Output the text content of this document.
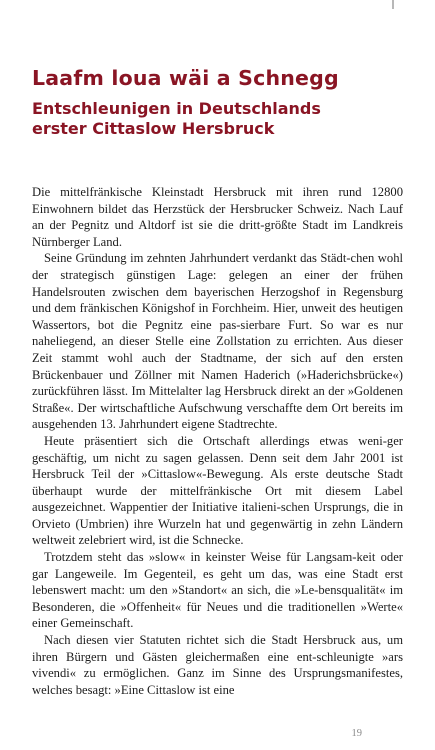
Laafm loua wäi a Schnegg
Entschleunigen in Deutschlands
erster Cittaslow Hersbruck

Die mittelfränkische Kleinstadt Hersbruck mit ihren rund 12800 Einwohnern bildet das Herzstück der Hersbrucker Schweiz. Nach Lauf an der Pegnitz und Altdorf ist sie die dritt-größte Stadt im Landkreis Nürnberger Land.

Seine Gründung im zehnten Jahrhundert verdankt das Städt-chen wohl der strategisch günstigen Lage: gelegen an einer der frühen Handelsrouten zwischen dem bayerischen Herzogshof in Regensburg und dem fränkischen Königshof in Forchheim. Hier, unweit des heutigen Wassertors, bot die Pegnitz eine pas-sierbare Furt. So war es nur naheliegend, an dieser Stelle eine Zollstation zu errichten. Aus dieser Zeit stammt wohl auch der Stadtname, der sich auf den ersten Brückenbauer und Zöllner mit Namen Haderich (»Haderichsbrücke«) zurückführen lässt. Im Mittelalter lag Hersbruck direkt an der »Goldenen Straße«. Der wirtschaftliche Aufschwung verschaffte dem Ort bereits im ausgehenden 13. Jahrhundert eigene Stadtrechte.

Heute präsentiert sich die Ortschaft allerdings etwas weni-ger geschäftig, um nicht zu sagen gelassen. Denn seit dem Jahr 2001 ist Hersbruck Teil der »Cittaslow«-Bewegung. Als erste deutsche Stadt überhaupt wurde der mittelfränkische Ort mit diesem Label ausgezeichnet. Wappentier der Initiative italieni-schen Ursprungs, die in Orvieto (Umbrien) ihre Wurzeln hat und gegenwärtig in zehn Ländern weltweit zelebriert wird, ist die Schnecke.

Trotzdem steht das »slow« in keinster Weise für Langsam-keit oder gar Langeweile. Im Gegenteil, es geht um das, was eine Stadt erst lebenswert macht: um den »Standort« an sich, die »Le-bensqualität« im Besonderen, die »Offenheit« für Neues und die traditionellen »Werte« einer Gemeinschaft.

Nach diesen vier Statuten richtet sich die Stadt Hersbruck aus, um ihren Bürgern und Gästen gleichermaßen eine ent-schleunigte »ars vivendi« zu ermöglichen. Ganz im Sinne des Ursprungsmanifestes, welches besagt: »Eine Cittaslow ist eine

19
